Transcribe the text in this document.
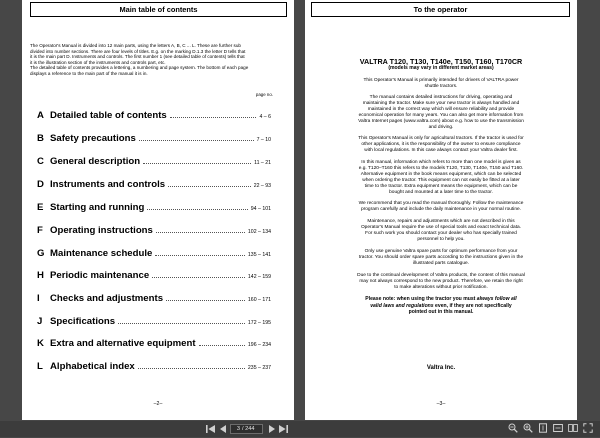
Main table of contents
The Operator's Manual is divided into 12 main parts, using the letters A, B, C ... L. These are further sub
divided into number sections. There are four levels of titles. E.g. on the marking D.1.3 the letter D tells that
it is the main part D. Instruments and controls. The first number 1 (see detailed table of contents) tells that
it is the illustration section of the instruments and controls part, etc.
The detailed table of contents provides a lettering, a numbering and page system. The bottom of each page
displays a reference to the main part of the manual it is in.
page no.
A Detailed table of contents	4 – 6
B Safety precautions	7 – 10
C General description	11 – 21
D Instruments and controls	22 – 93
E Starting and running	94 – 101
F Operating instructions	102 – 134
G Maintenance schedule	135 – 141
H Periodic maintenance	142 – 159
I	Checks and adjustments	160 – 171
J Specifications	172 – 195
K Extra and alternative equipment	196 – 234
L Alphabetical index	235 – 237
–2–
To the operator
VALTRA T120, T130, T140e, T150, T160, T170CR
(models may vary in different market areas)
This Operator's Manual is primarily intended for drivers of VALTRA power
shuttle tractors.
The manual contains detailed instructions for driving, operating and
maintaining the tractor. Make sure your new tractor is always handled and
maintained in the correct way which will ensure reliability and provide
economical operation for many years. You can also get more information from
Valtra Internet pages (www.valtra.com) about e.g. how to use the transmission
and driving.
This Operator's Manual is only for agricultural tractors. If the tractor is used for
other applications, it is the responsibility of the owner to ensure compliance
with local regulations. In this case always contact your Valtra dealer first.
In this manual, information which refers to more than one model is given as
e.g. T120–T160 this refers to the models T120, T130, T140e, T150 and T160.
Alternative equipment in the book means equipment, which can be selected
when ordering the tractor. This equipment can not easily be fitted at a later
time to the tractor. Extra equipment means the equipment, which can be
bought and mounted at a later time to the tractor.
We recommend that you read the manual thoroughly. Follow the maintenance
program carefully and include the daily maintenance in your normal routine.
Maintenance, repairs and adjustments which are not described in this
Operator's Manual require the use of special tools and exact technical data.
For such work you should contact your dealer who has specially trained
personnel to help you.
Only use genuine Valtra spare parts for optimum performance from your
tractor. You should order spare parts according to the instructions given in the
illustrated parts catalogue.
Due to the continual development of Valtra products, the content of this manual
may not always correspond to the new product. Therefore, we retain the right
to make alterations without prior notification.
Please note: when using the tractor you must always follow all
valid laws and regulations even, if they are not specifically
pointed out in this manual.
Valtra Inc.
–3–
3
/ 244
